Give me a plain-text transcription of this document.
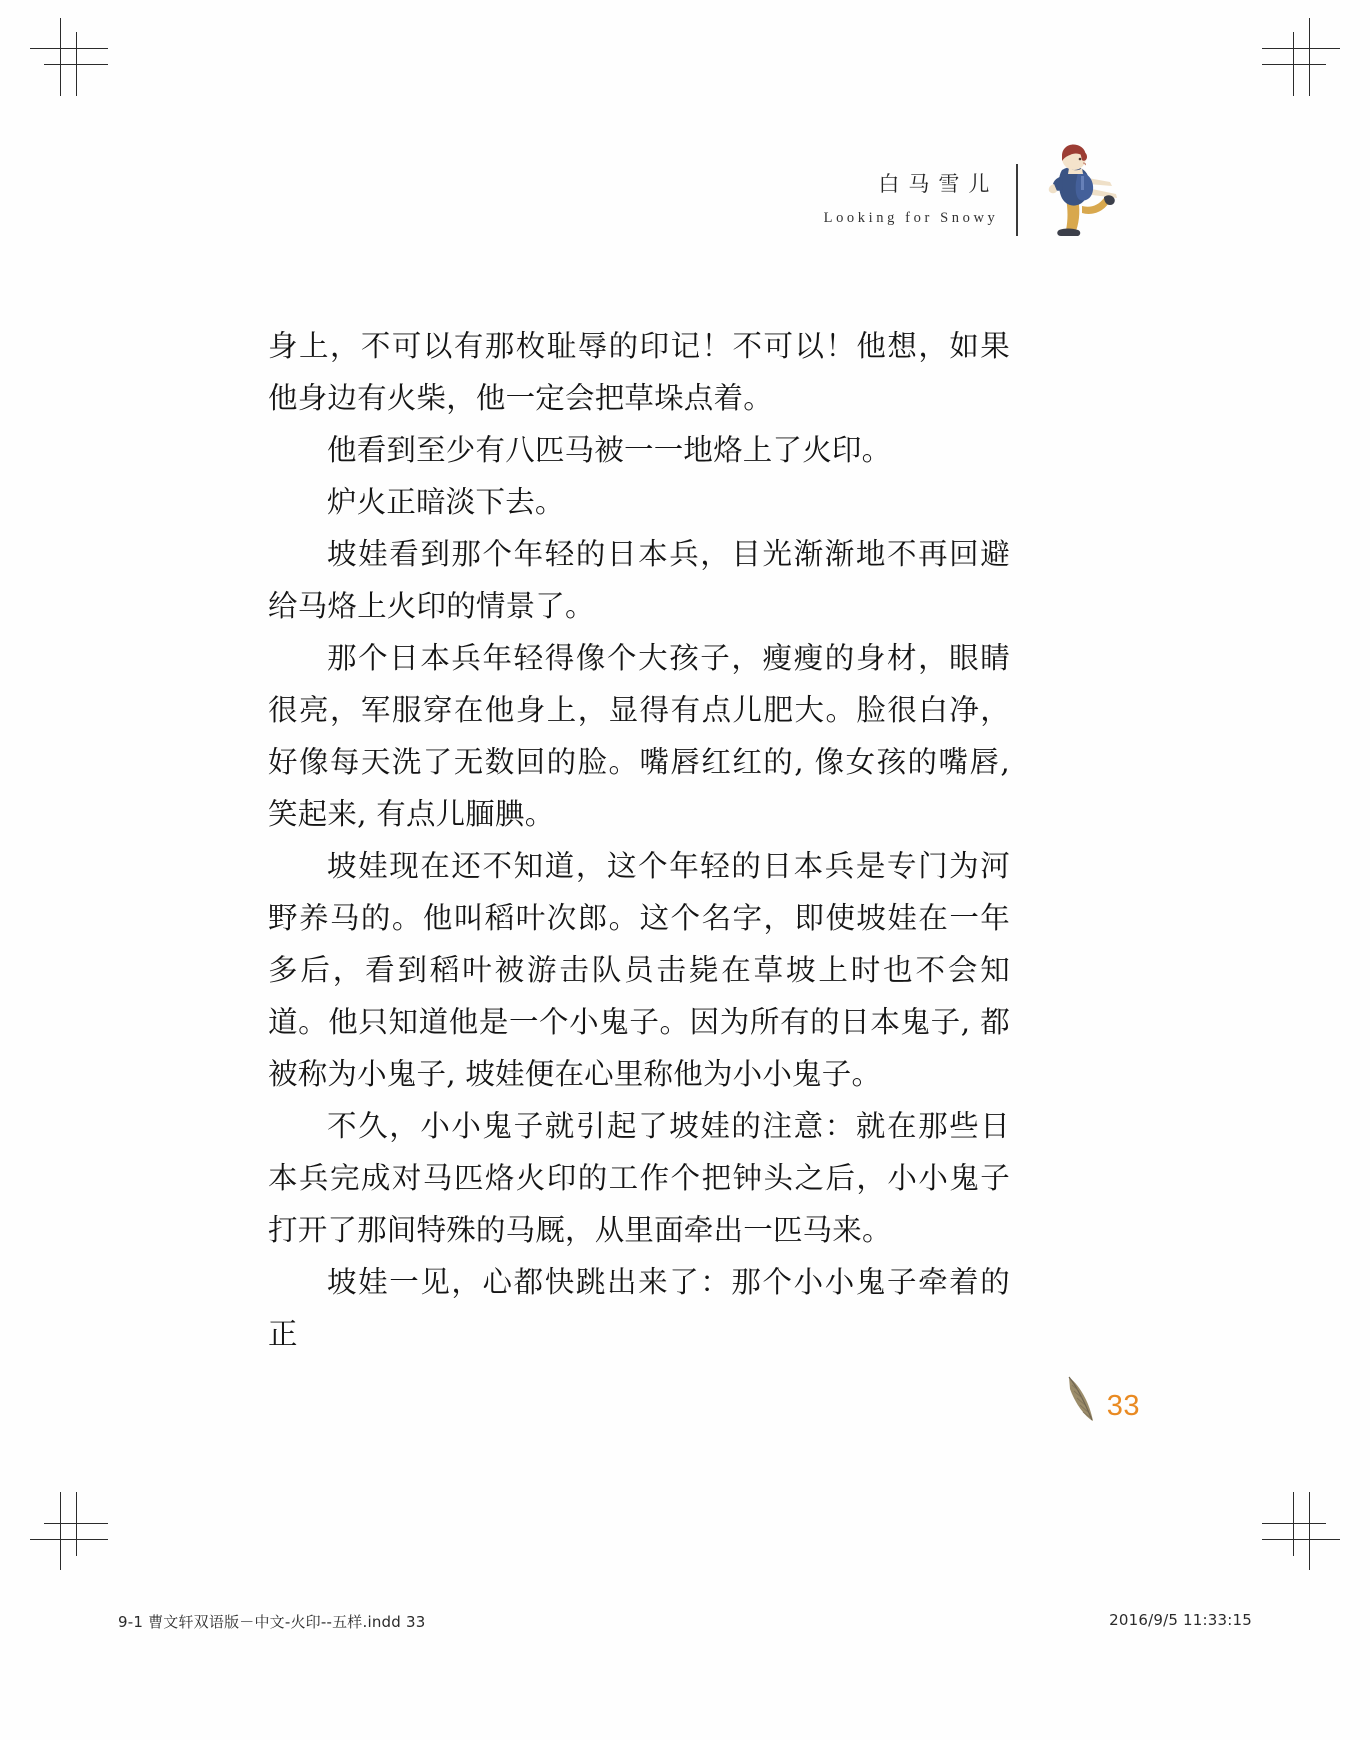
白马雪儿
Looking for Snowy

身上，不可以有那枚耻辱的印记！不可以！他想，如果他身边有火柴，他一定会把草垛点着。

他看到至少有八匹马被一一地烙上了火印。

炉火正暗淡下去。

坡娃看到那个年轻的日本兵，目光渐渐地不再回避给马烙上火印的情景了。

那个日本兵年轻得像个大孩子，瘦瘦的身材，眼睛很亮，军服穿在他身上，显得有点儿肥大。脸很白净，好像每天洗了无数回的脸。嘴唇红红的, 像女孩的嘴唇, 笑起来, 有点儿腼腆。

坡娃现在还不知道，这个年轻的日本兵是专门为河野养马的。他叫稻叶次郎。这个名字，即使坡娃在一年多后，看到稻叶被游击队员击毙在草坡上时也不会知道。他只知道他是一个小鬼子。因为所有的日本鬼子, 都被称为小鬼子, 坡娃便在心里称他为小小鬼子。

不久，小小鬼子就引起了坡娃的注意：就在那些日本兵完成对马匹烙火印的工作个把钟头之后，小小鬼子打开了那间特殊的马厩，从里面牵出一匹马来。

坡娃一见，心都快跳出来了：那个小小鬼子牵着的正

33
9-1 曹文轩双语版－中文-火印--五样.indd 33	2016/9/5 11:33:15
